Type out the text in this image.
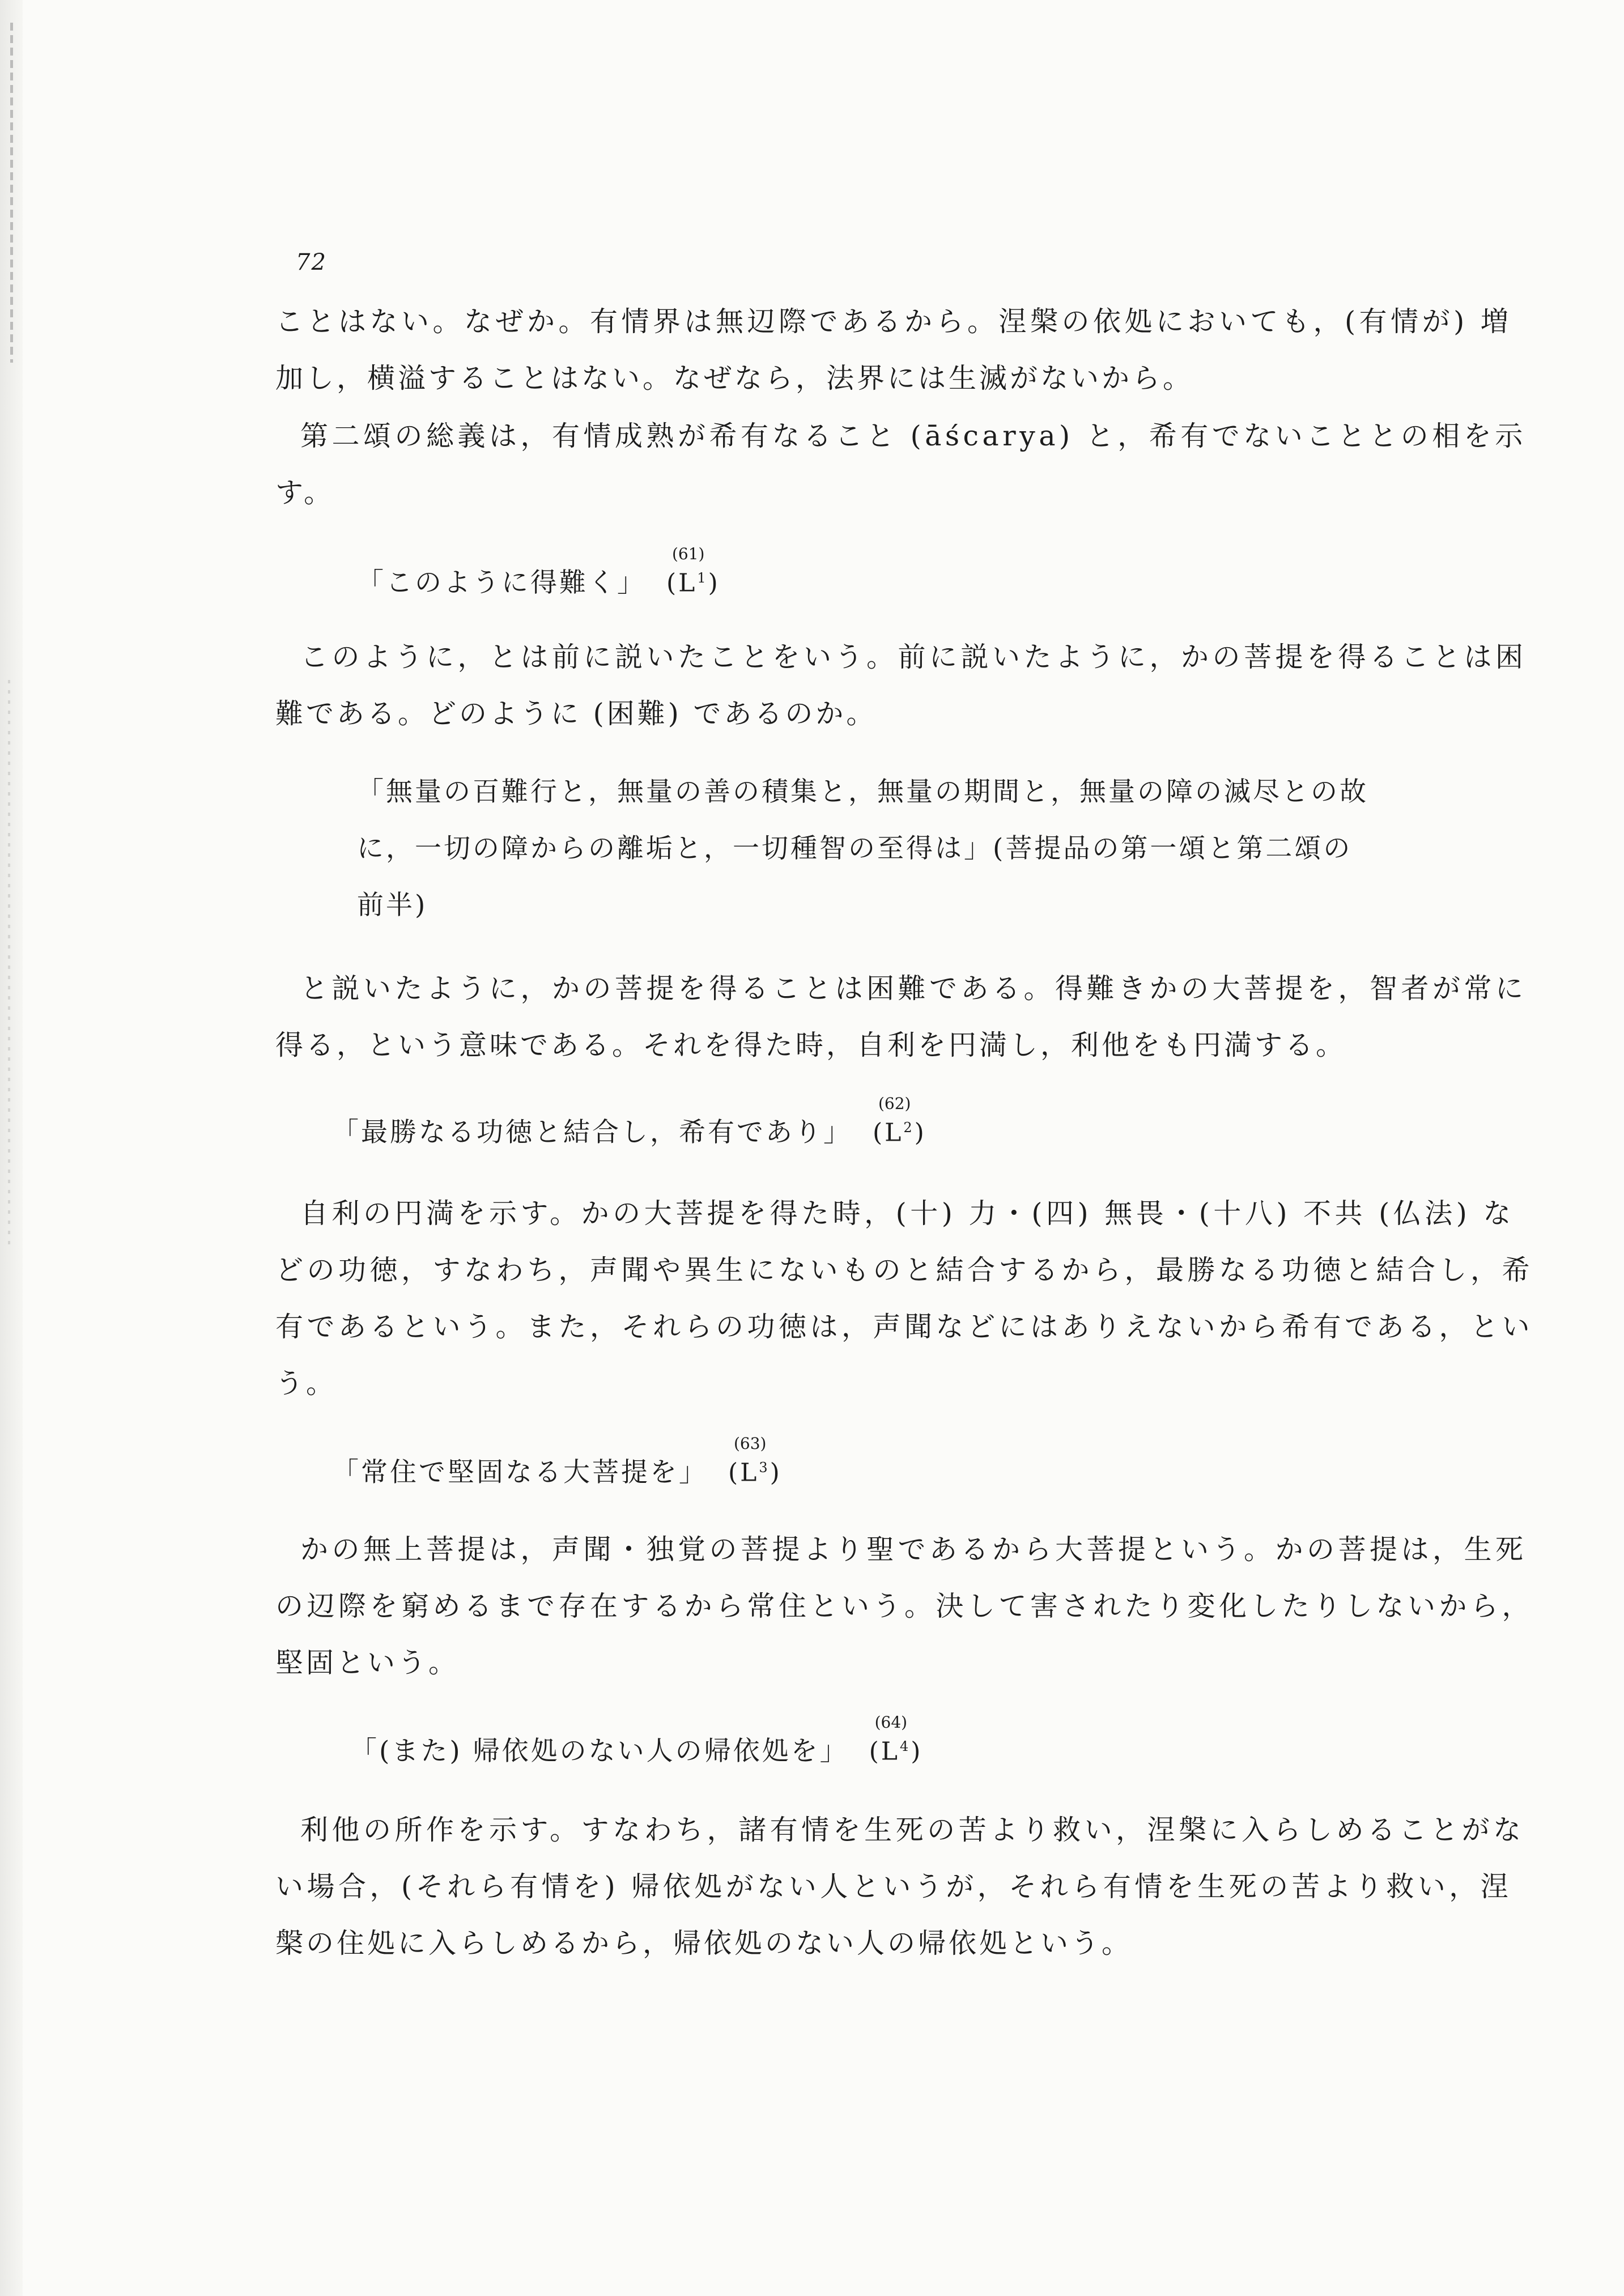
72
ことはない。なぜか。有情界は無辺際であるから。涅槃の依処においても，(有情が) 増
加し，横溢することはない。なぜなら，法界には生滅がないから。
第二頌の総義は，有情成熟が希有なること (āścarya) と，希有でないこととの相を示
す。
「このように得難く」
(61)
$(L^1)$
このように，とは前に説いたことをいう。前に説いたように，かの菩提を得ることは困
難である。どのように (困難) であるのか。
「無量の百難行と，無量の善の積集と，無量の期間と，無量の障の滅尽との故
に，一切の障からの離垢と，一切種智の至得は」(菩提品の第一頌と第二頌の
前半)
と説いたように，かの菩提を得ることは困難である。得難きかの大菩提を，智者が常に
得る，という意味である。それを得た時，自利を円満し，利他をも円満する。
「最勝なる功徳と結合し，希有であり」
(62)
$(L^2)$
自利の円満を示す。かの大菩提を得た時，(十) 力・(四) 無畏・(十八) 不共 (仏法) な
どの功徳，すなわち，声聞や異生にないものと結合するから，最勝なる功徳と結合し，希
有であるという。また，それらの功徳は，声聞などにはありえないから希有である，とい
う。
「常住で堅固なる大菩提を」
(63)
$(L^3)$
かの無上菩提は，声聞・独覚の菩提より聖であるから大菩提という。かの菩提は，生死
の辺際を窮めるまで存在するから常住という。決して害されたり変化したりしないから，
堅固という。
「(また) 帰依処のない人の帰依処を」
(64)
$(L^4)$
利他の所作を示す。すなわち，諸有情を生死の苦より救い，涅槃に入らしめることがな
い場合，(それら有情を) 帰依処がない人というが，それら有情を生死の苦より救い，涅
槃の住処に入らしめるから，帰依処のない人の帰依処という。
